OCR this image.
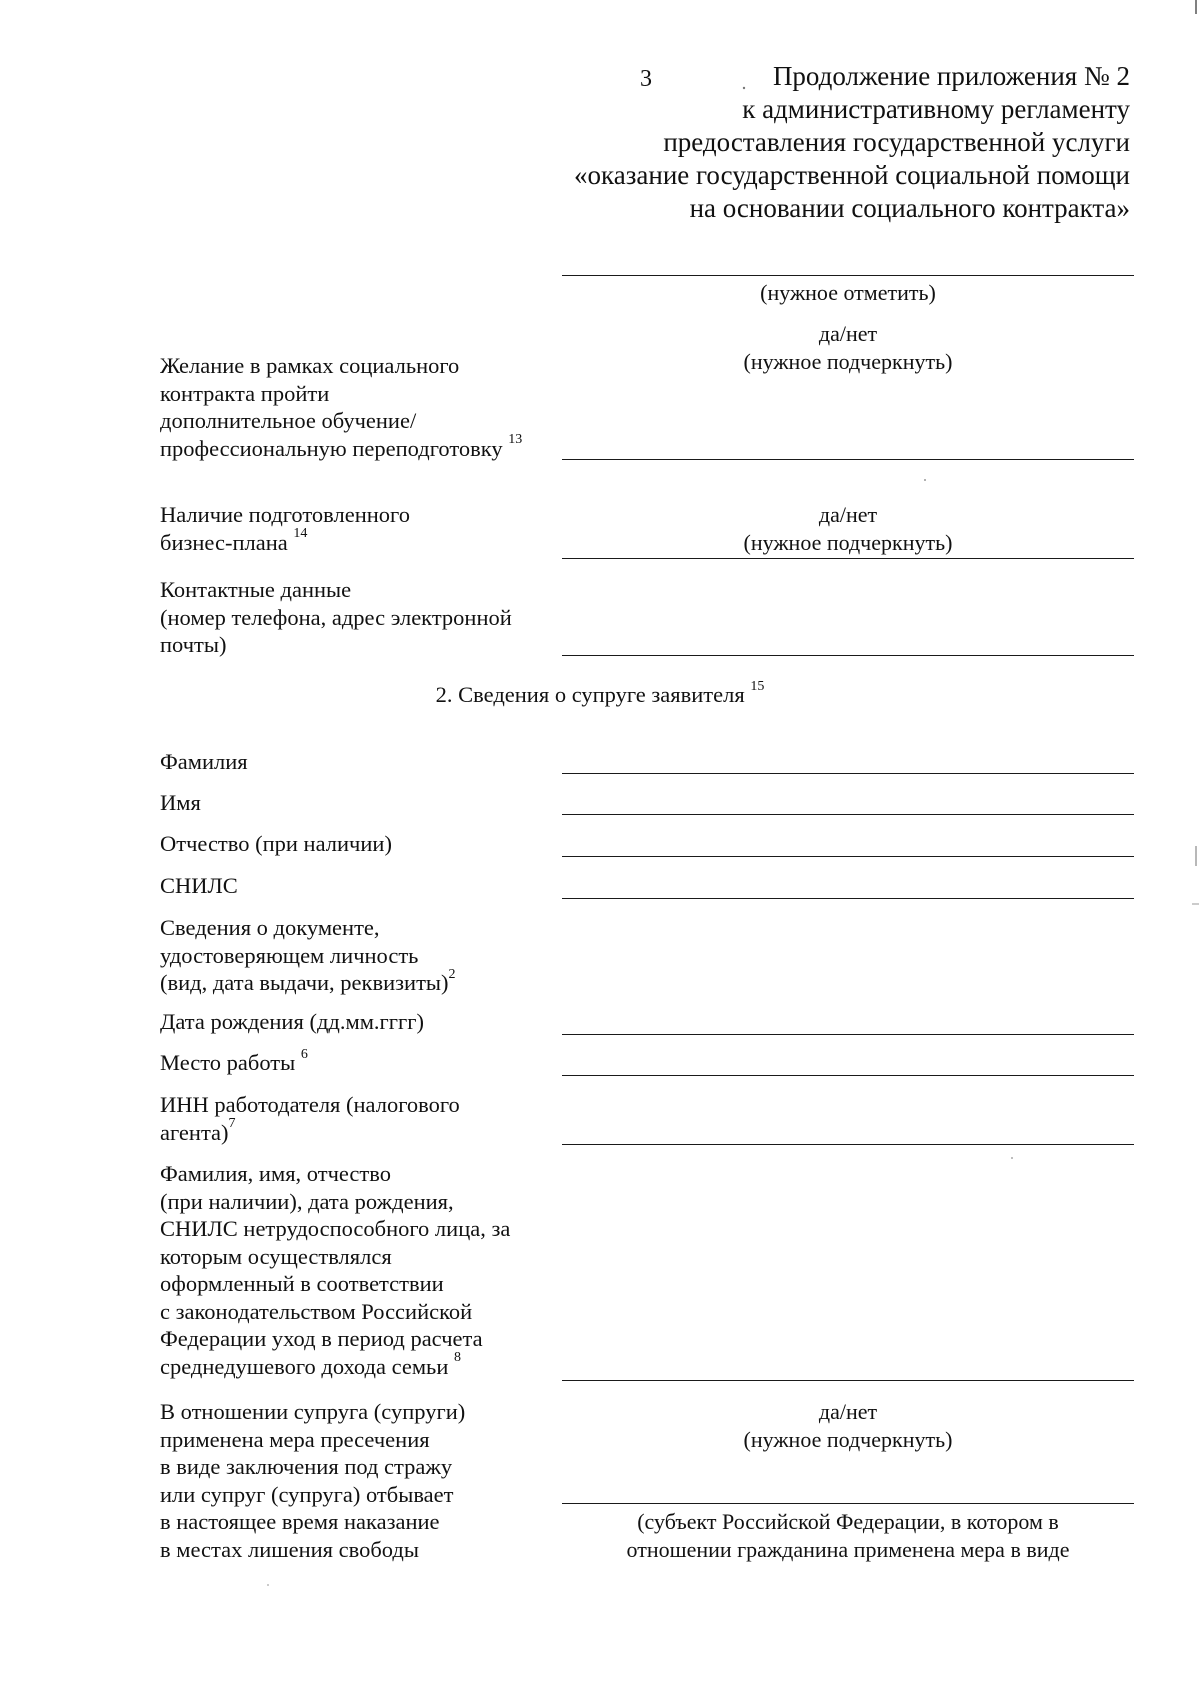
3	Продолжение приложения № 2
к административному регламенту
предоставления государственной услуги
«оказание государственной социальной помощи
на основании социального контракта»
(нужное отметить)
да/нет
(нужное подчеркнуть)
Желание в рамках социального
контракта пройти
дополнительное обучение/
профессиональную переподготовку $^{13}$
Наличие подготовленного
бизнес-плана $^{14}$
да/нет
(нужное подчеркнуть)
Контактные данные
(номер телефона, адрес электронной
почты)
2. Сведения о супруге заявителя $^{15}$
Фамилия
Имя
Отчество (при наличии)
СНИЛС
Сведения о документе,
удостоверяющем личность
(вид, дата выдачи, реквизиты)$^2$
Дата рождения (дд.мм.гггг)
Место работы $^6$
ИНН работодателя (налогового
агента)$^7$
Фамилия, имя, отчество
(при наличии), дата рождения,
СНИЛС нетрудоспособного лица, за
которым осуществлялся
оформленный в соответствии
с законодательством Российской
Федерации уход в период расчета
среднедушевого дохода семьи $^8$
В отношении супруга (супруги)
применена мера пресечения
в виде заключения под стражу
или супруг (супруга) отбывает
в настоящее время наказание
в местах лишения свободы
да/нет
(нужное подчеркнуть)
(субъект Российской Федерации, в котором в
отношении гражданина применена мера в виде
